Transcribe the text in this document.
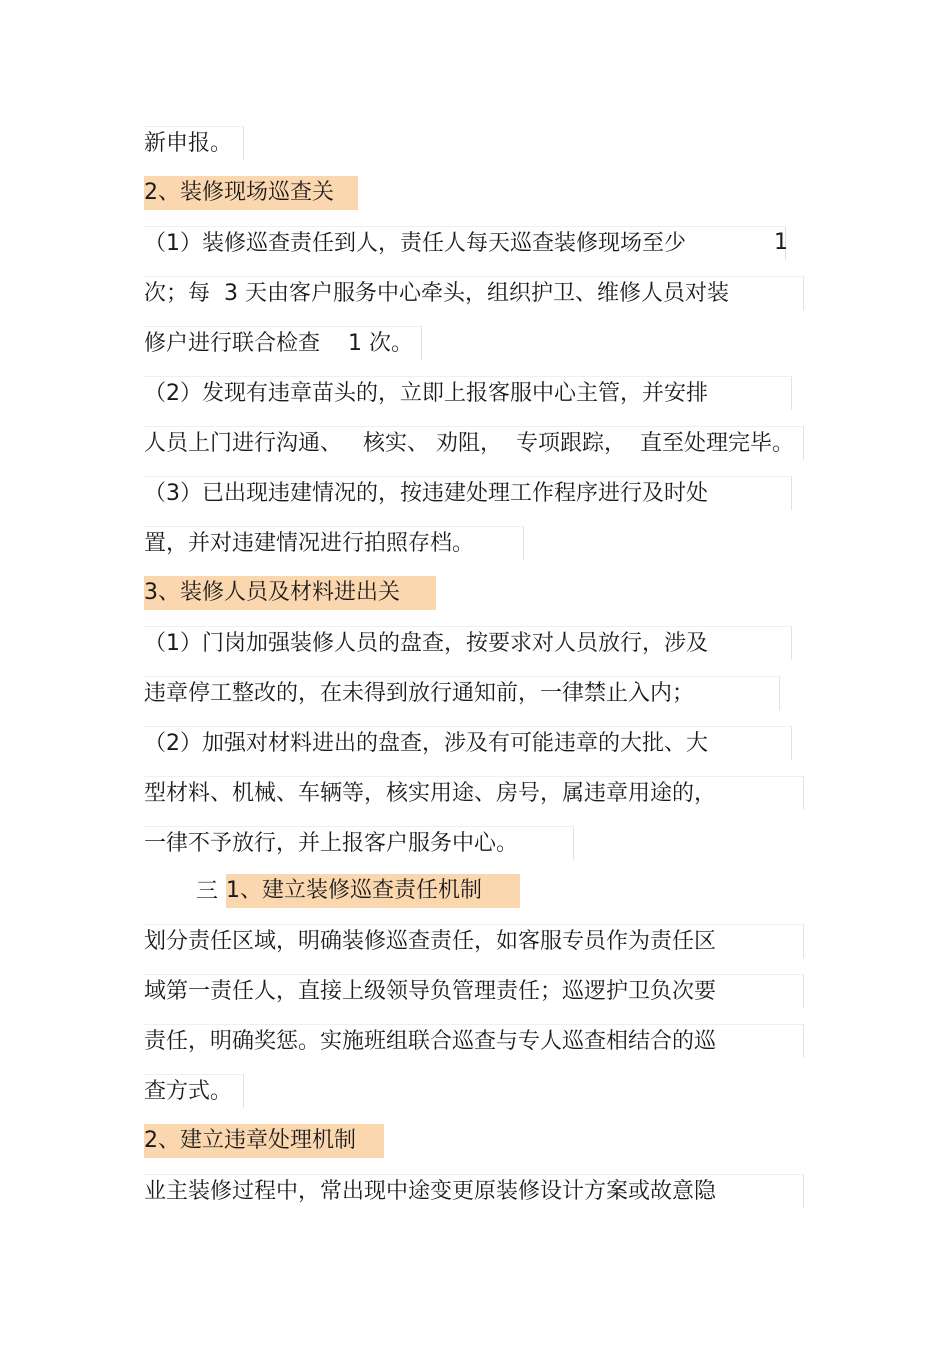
新申报。
2、装修现场巡查关
（1）装修巡查责任到人，责任人每天巡查装修现场至少	1
次；每  3 天由客户服务中心牵头，组织护卫、维修人员对装
修户进行联合检查    1 次。
（2）发现有违章苗头的，立即上报客服中心主管，并安排
人员上门进行沟通、   核实、 劝阻，  专项跟踪，  直至处理完毕。
（3）已出现违建情况的，按违建处理工作程序进行及时处
置，并对违建情况进行拍照存档。
3、装修人员及材料进出关
（1）门岗加强装修人员的盘查，按要求对人员放行，涉及
违章停工整改的，在未得到放行通知前，一律禁止入内；
（2）加强对材料进出的盘查，涉及有可能违章的大批、大
型材料、机械、车辆等，核实用途、房号，属违章用途的，
一律不予放行，并上报客户服务中心。
三 1、建立装修巡查责任机制
划分责任区域，明确装修巡查责任，如客服专员作为责任区
域第一责任人，直接上级领导负管理责任；巡逻护卫负次要
责任，明确奖惩。实施班组联合巡查与专人巡查相结合的巡
查方式。
2、建立违章处理机制
业主装修过程中，常出现中途变更原装修设计方案或故意隐
